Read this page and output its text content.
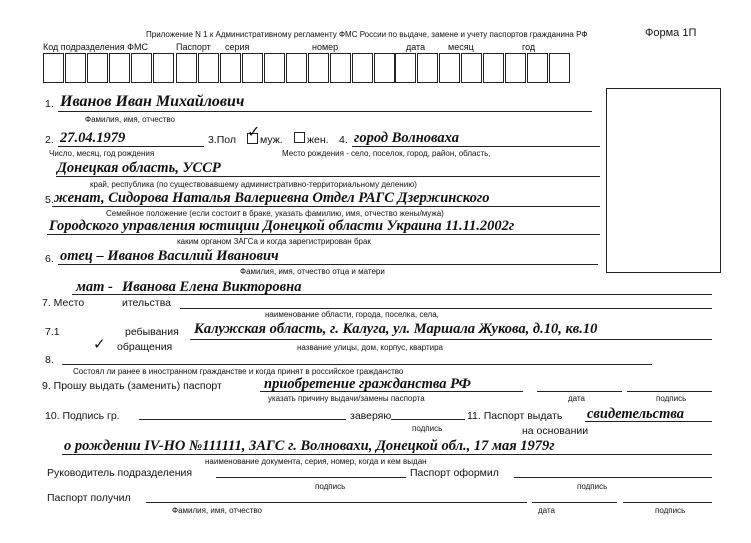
Приложение N 1 к Административному регламенту ФМС России по выдаче, замене и учету паспортов гражданина РФ	Форма 1П
Код подразделения ФМС	Паспорт серия	номер	дата	месяц	год
1. Иванов Иван Михайлович
Фамилия, имя, отчество
2. 27.04.1979
Число, месяц, год рождения
3.Пол ✓ муж. жен. 4. город Волноваха
Место рождения - село, поселок, город, район, область,
Донецкая область, УССР
край, республика (по существовавшему административно-территориальному делению)
5. женат, Сидорова Наталья Валериевна Отдел РАГС Дзержинского
Семейное положение (если состоит в браке, указать фамилию, имя, отчество жены/мужа)
Городского управления юстиции Донецкой области Украина 11.11.2002г
каким органом ЗАГСа и когда зарегистрирован брак
6. отец – Иванов Василий Иванович
Фамилия, имя, отчество отца и матери
мат - Иванова Елена Викторовна
7. Место	ительства
наименование области, города, поселка, села,
7.1	ребывания Калужская область, г. Калуга, ул. Маршала Жукова, д.10, кв.10
✓ обращения	название улицы, дом, корпус, квартира
8.
Состоял ли ранее в иностранном гражданстве и когда принят в российское гражданство
9. Прошу выдать (заменить) паспорт	приобретение гражданства РФ
указать причину выдачи/замены паспорта	дата	подпись
10. Подпись гр.	заверяю	11. Паспорт выдать свидетельства
подпись	на основании
о рождении IV-НО №111111, ЗАГС г. Волновахи, Донецкой обл., 17 мая 1979г
наименование документа, серия, номер, когда и кем выдан
Руководитель подразделения	Паспорт оформил
подпись	подпись
Паспорт получил
Фамилия, имя, отчество	дата	подпись
